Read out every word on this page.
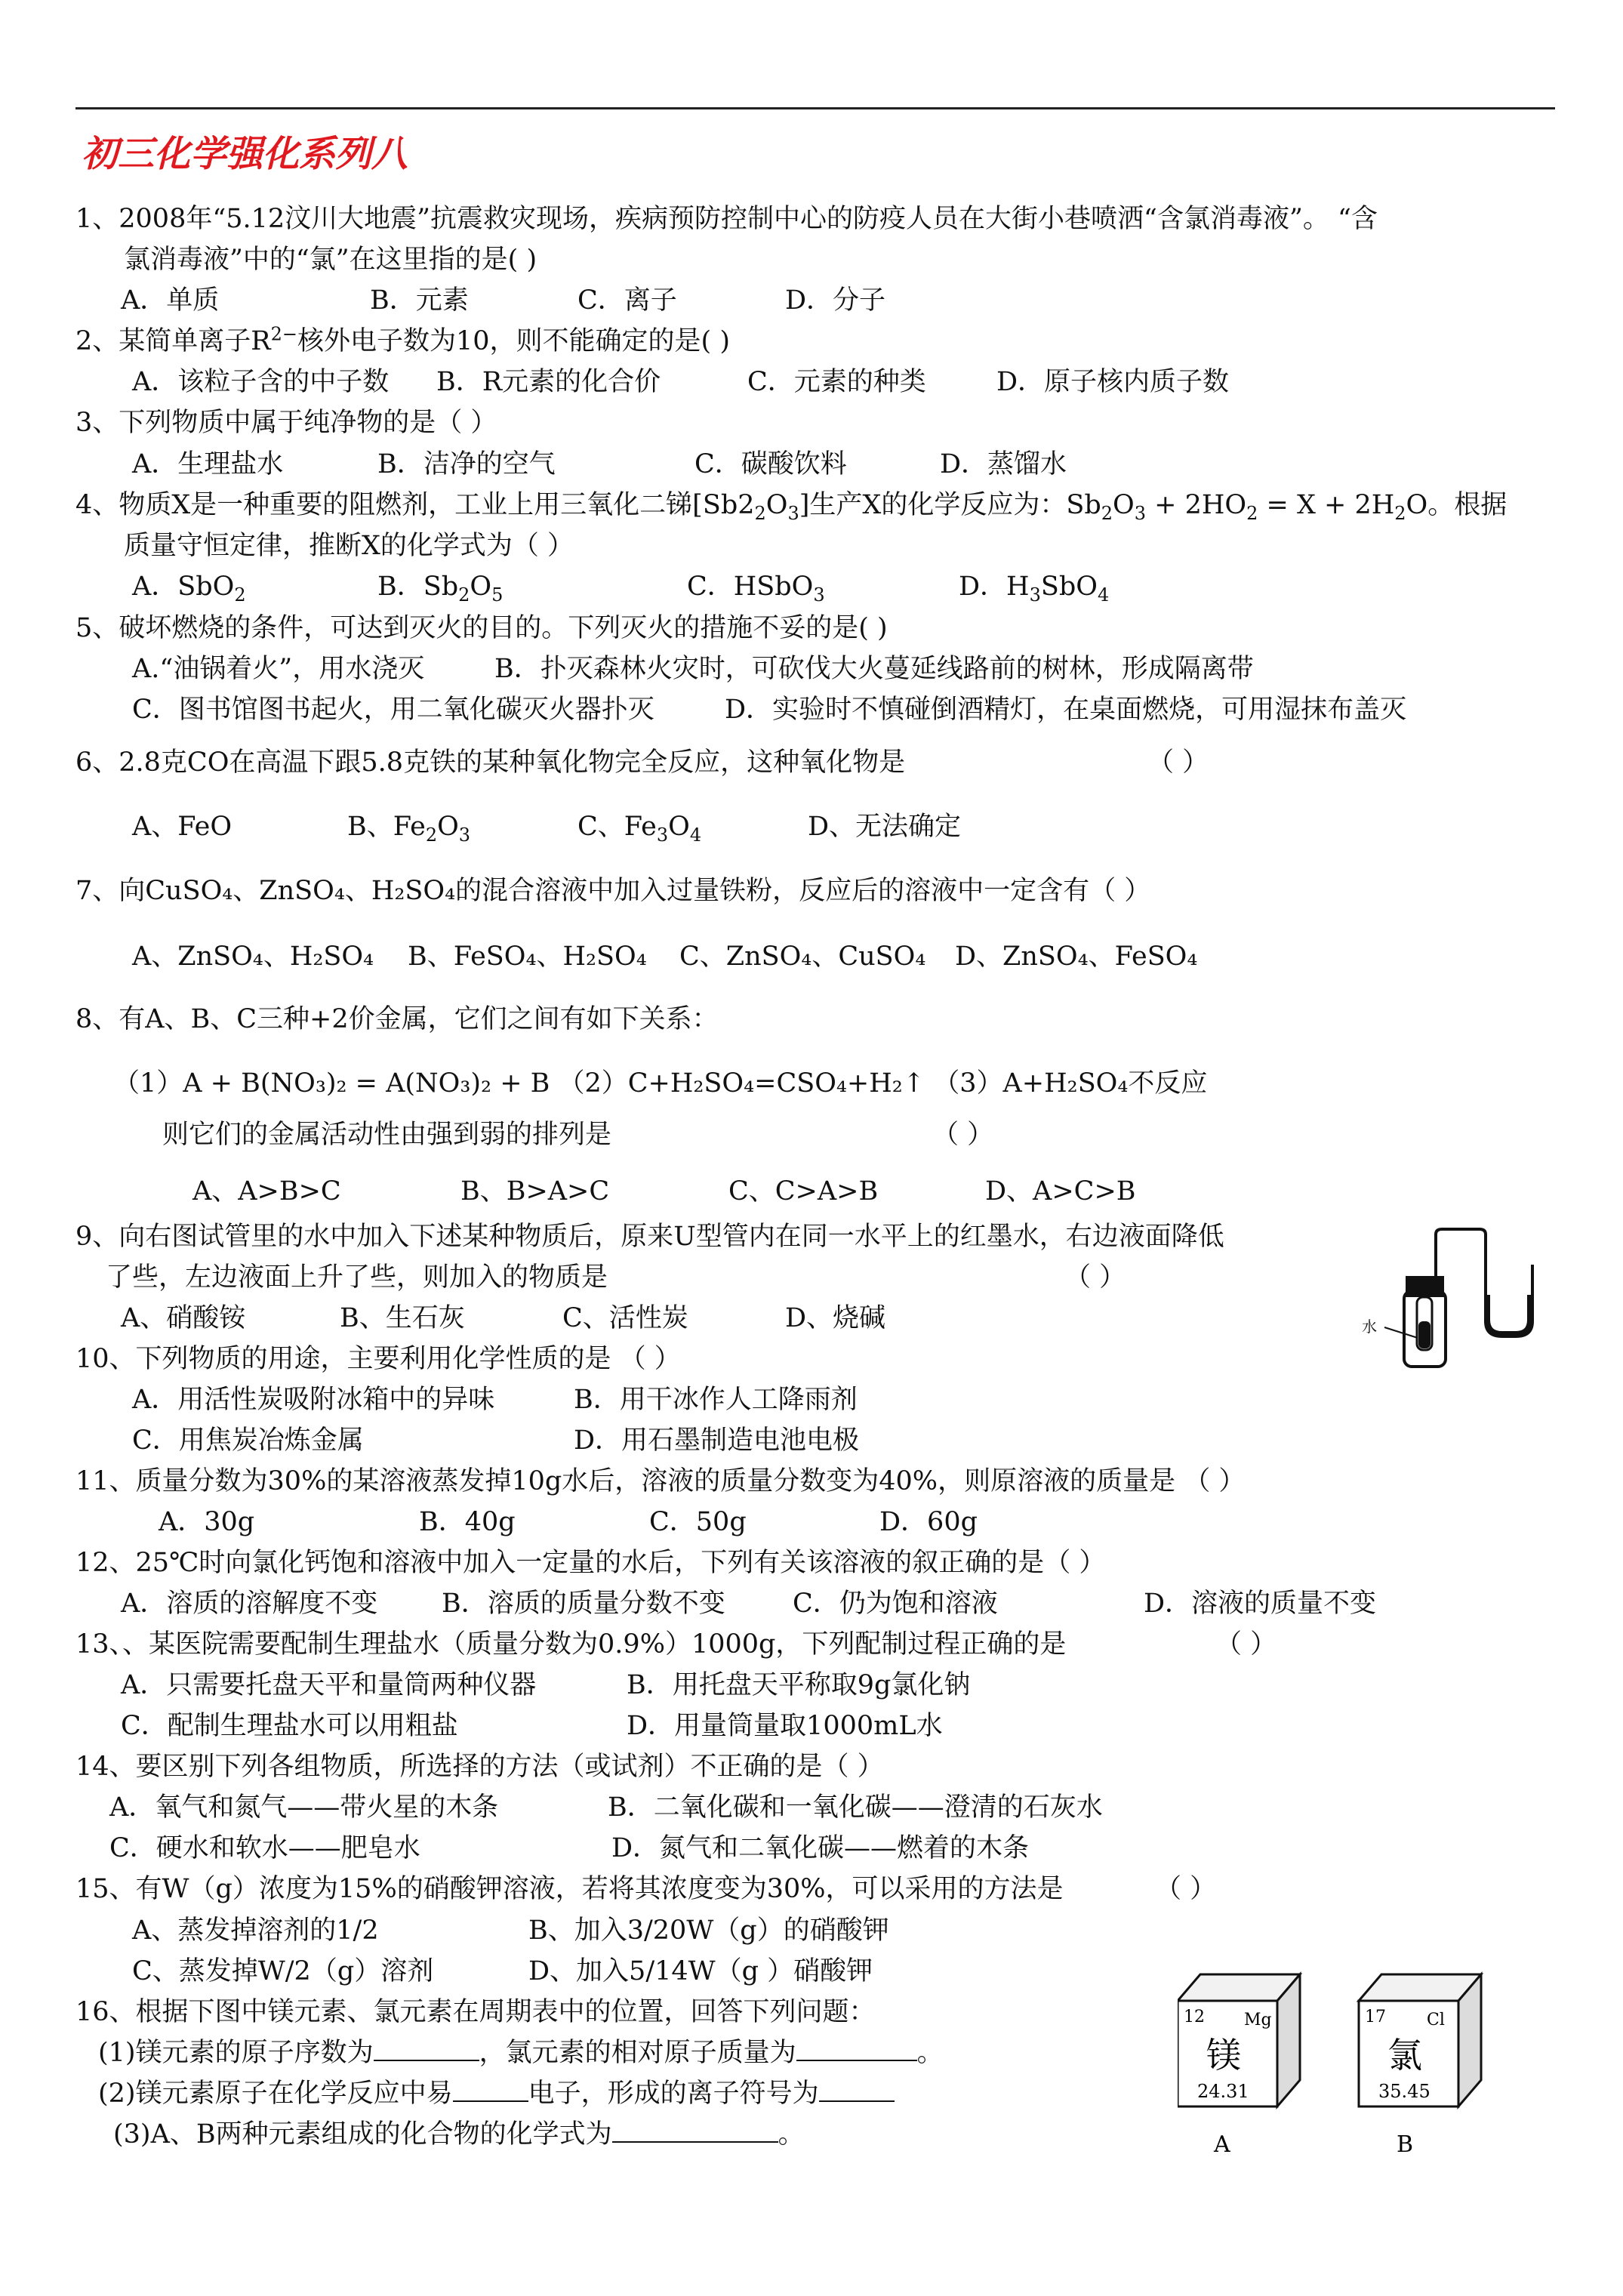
初三化学强化系列八
1、2008年“5.12汶川大地震”抗震救灾现场，疾病预防控制中心的防疫人员在大街小巷喷洒“含氯消毒液”。 “含
氯消毒液”中的“氯”在这里指的是( )
A．单质	B．元素	C．离子	D．分子
2、某简单离子$R^{2-}$核外电子数为10，则不能确定的是( )
A．该粒子含的中子数 B．R元素的化合价	C．元素的种类	D．原子核内质子数
3、下列物质中属于纯净物的是（ ）
A．生理盐水	B．洁净的空气	C．碳酸饮料	D．蒸馏水
4、物质X是一种重要的阻燃剂，工业上用三氧化二锑$[Sb2_2O_3]$生产X的化学反应为：$Sb_2O_3 + 2HO_2 = X + 2H_2O$。根据
质量守恒定律，推断X的化学式为（ ）
A．SbO$_2$	B．$Sb_2O_5$	C．HSbO$_3$	D．$H_3SbO_4$
5、破坏燃烧的条件，可达到灭火的目的。下列灭火的措施不妥的是( )
A.“油锅着火”，用水浇灭	B．扑灭森林火灾时，可砍伐大火蔓延线路前的树林，形成隔离带
C．图书馆图书起火，用二氧化碳灭火器扑灭	D．实验时不慎碰倒酒精灯，在桌面燃烧，可用湿抹布盖灭
6、2.8克CO在高温下跟5.8克铁的某种氧化物完全反应，这种氧化物是	（ ）
A、FeO	B、$Fe_2O_3$	C、$Fe_3O_4$	D、无法确定
7、向CuSO₄、ZnSO₄、H₂SO₄的混合溶液中加入过量铁粉，反应后的溶液中一定含有（ ）
A、ZnSO₄、H₂SO₄ B、FeSO₄、H₂SO₄ C、ZnSO₄、CuSO₄ D、ZnSO₄、FeSO₄
8、有A、B、C三种+2价金属，它们之间有如下关系：
（1）A + B(NO₃)₂ = A(NO₃)₂ + B （2）C+H₂SO₄=CSO₄+H₂↑ （3）A+H₂SO₄不反应
则它们的金属活动性由强到弱的排列是	（ ）
A、A>B>C	B、B>A>C	C、C>A>B	D、A>C>B
9、向右图试管里的水中加入下述某种物质后，原来U型管内在同一水平上的红墨水，右边液面降低
了些，左边液面上升了些，则加入的物质是	（ ）
A、硝酸铵	B、生石灰	C、活性炭	D、烧碱	水
10、下列物质的用途，主要利用化学性质的是 （ ）
A．用活性炭吸附冰箱中的异味	B．用干冰作人工降雨剂
C．用焦炭冶炼金属	D．用石墨制造电池电极
11、质量分数为30%的某溶液蒸发掉10g水后，溶液的质量分数变为40%，则原溶液的质量是 （ ）
A．30g	B．40g	C．50g	D．60g
12、25℃时向氯化钙饱和溶液中加入一定量的水后，下列有关该溶液的叙正确的是（ ）
A．溶质的溶解度不变 B．溶质的质量分数不变	C．仍为饱和溶液	D．溶液的质量不变
13、、某医院需要配制生理盐水（质量分数为0.9%）1000g，下列配制过程正确的是	（ ）
A．只需要托盘天平和量筒两种仪器	B．用托盘天平称取9g氯化钠
C．配制生理盐水可以用粗盐	D．用量筒量取1000mL水
14、要区别下列各组物质，所选择的方法（或试剂）不正确的是（ ）
A．氧气和氮气——带火星的木条	B．二氧化碳和一氧化碳——澄清的石灰水
C．硬水和软水——肥皂水	D．氮气和二氧化碳——燃着的木条
15、有W（g）浓度为15%的硝酸钾溶液，若将其浓度变为30%，可以采用的方法是	（ ）
A、蒸发掉溶剂的1/2	B、加入3/20W（g）的硝酸钾
C、蒸发掉W/2（g）溶剂	D、加入5/14W（g ）硝酸钾
16、根据下图中镁元素、氯元素在周期表中的位置，回答下列问题：
(1)镁元素的原子序数为	，氯元素的相对原子质量为	。
(2)镁元素原子在化学反应中易	电子，形成的离子符号为
(3)A、B两种元素组成的化合物的化学式为	。
12 Mg
镁
24.31
A
17 Cl
氯
35.45
B
